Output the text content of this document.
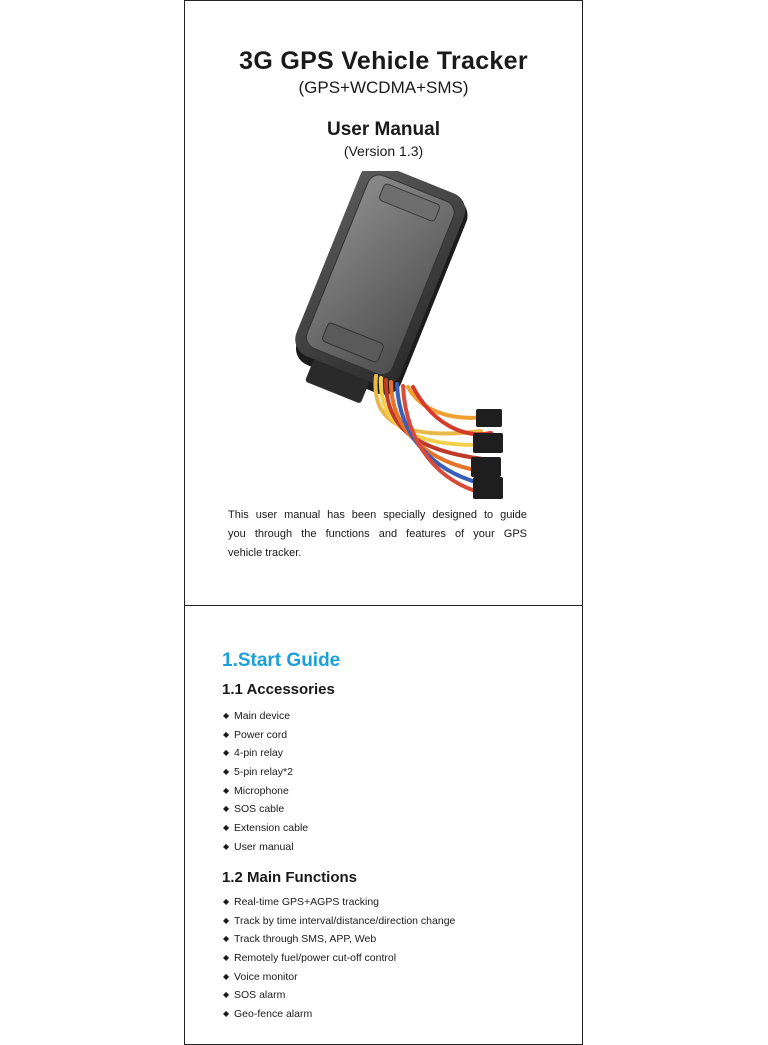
3G GPS Vehicle Tracker
(GPS+WCDMA+SMS)
User Manual
(Version 1.3)
This user manual has been specially designed to guide
you through the functions and features of your GPS
vehicle tracker.
1.Start Guide
1.1 Accessories
◆ Main device
◆ Power cord
◆ 4-pin relay
◆ 5-pin relay*2
◆ Microphone
◆ SOS cable
◆ Extension cable
◆ User manual
1.2 Main Functions
◆ Real-time GPS+AGPS tracking
◆ Track by time interval/distance/direction change
◆ Track through SMS, APP, Web
◆ Remotely fuel/power cut-off control
◆ Voice monitor
◆ SOS alarm
◆ Geo-fence alarm
